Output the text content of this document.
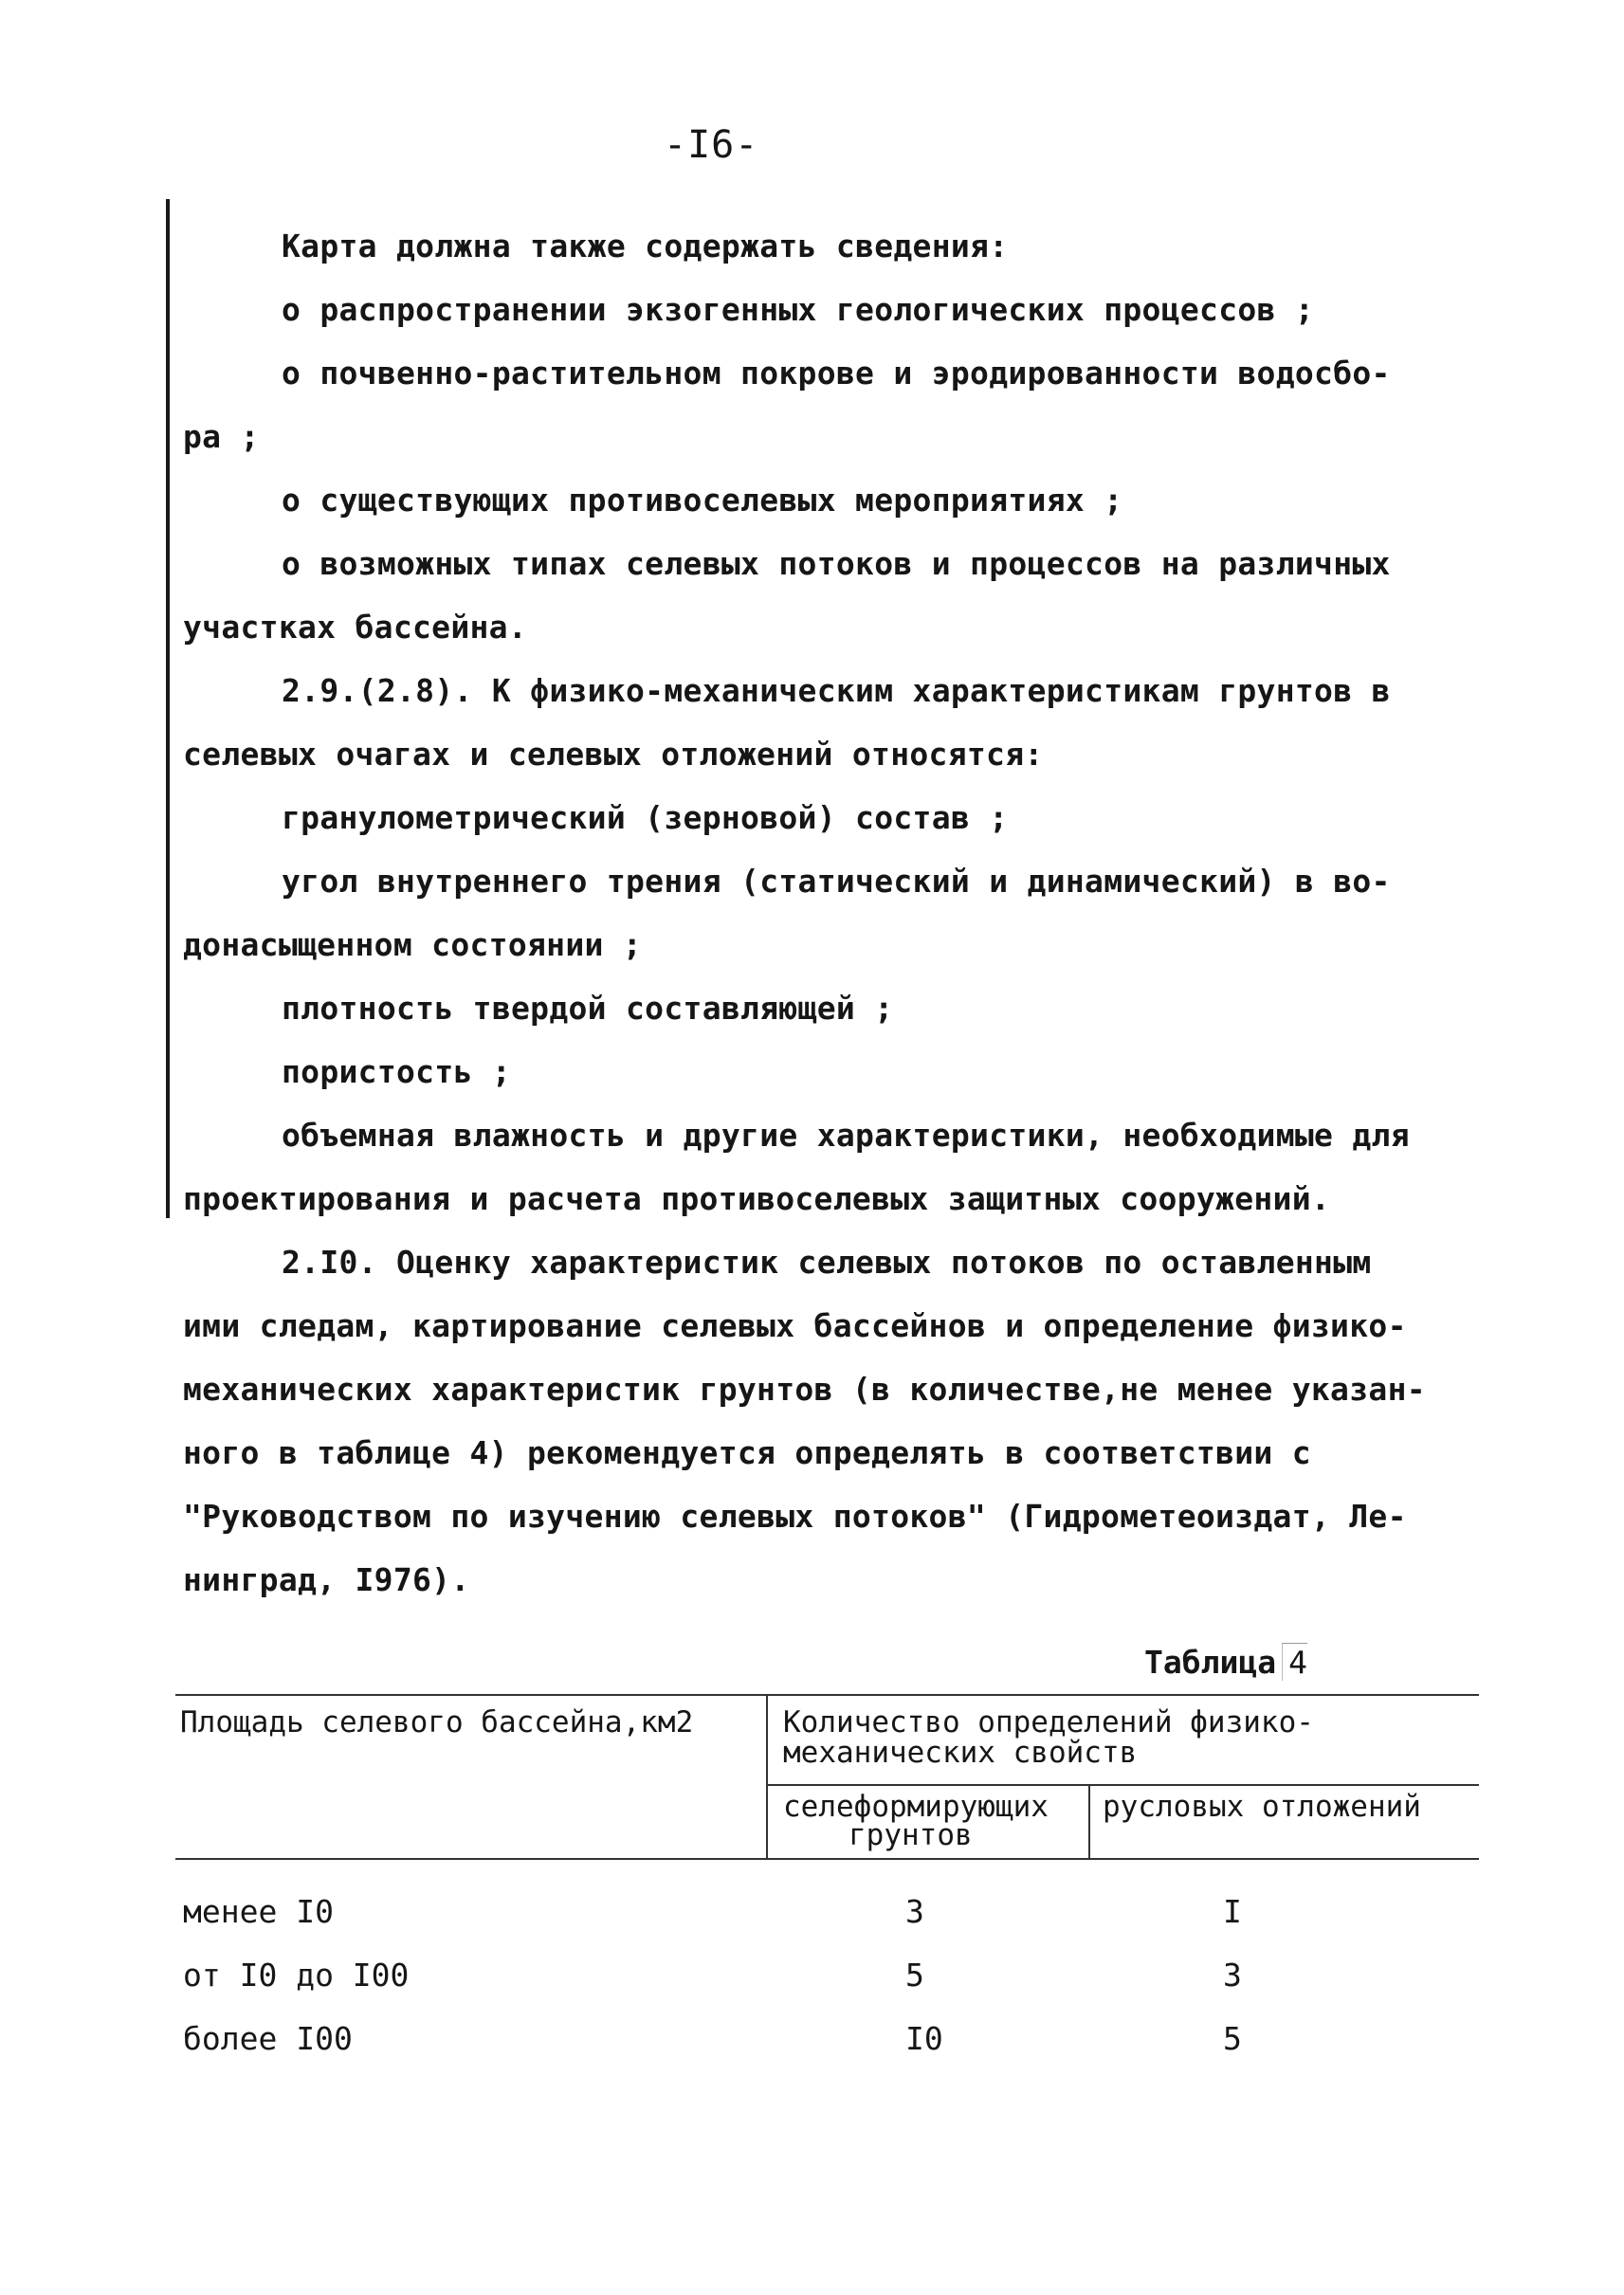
-I6-
Карта должна также содержать сведения:
о распространении экзогенных геологических процессов ;
о почвенно-растительном покрове и эродированности водосбо-
ра ;
о существующих противоселевых мероприятиях ;
о возможных типах селевых потоков и процессов на различных
участках бассейна.
2.9.(2.8). К физико-механическим характеристикам грунтов в
селевых очагах и селевых отложений относятся:
гранулометрический (зерновой) состав ;
угол внутреннего трения (статический и динамический) в во-
донасыщенном состоянии ;
плотность твердой составляющей ;
пористость ;
объемная влажность и другие характеристики, необходимые для
проектирования и расчета противоселевых защитных сооружений.
2.I0. Оценку характеристик селевых потоков по оставленным
ими следам, картирование селевых бассейнов и определение физико-
механических характеристик грунтов (в количестве,не менее указан-
ного в таблице 4) рекомендуется определять в соответствии с
"Руководством по изучению селевых потоков" (Гидрометеоиздат, Ле-
нинград, I976).
Таблица 4
Площадь селевого бассейна,км2	Количество определений физико-
механических свойств
селеформирующих
грунтов
русловых отложений
менее I0	3	I
от I0 до I00	5	3
более I00	I0	5
